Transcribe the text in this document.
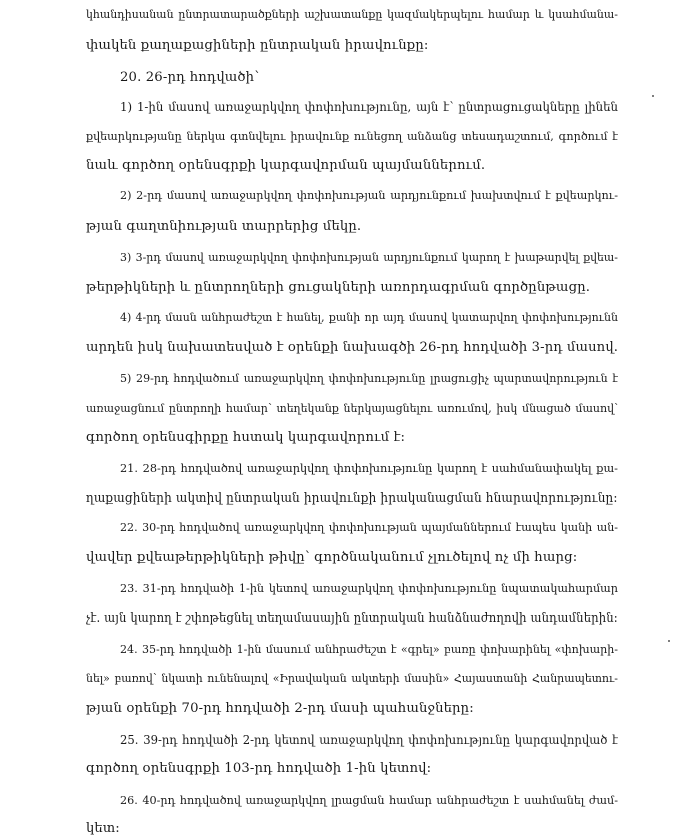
կհանդիսանան ընտրատարածքների աշխատանքը կազմակերպելու համար և կսահմանա-
փակեն քաղաքացիների ընտրական իրավունքը:
20. 26-րդ հոդվածի՝
1) 1-ին մասով առաջարկվող փոփոխությունը, այն է՝ ընտրացուցակները լինեն
քվեարկությանը ներկա գտնվելու իրավունք ունեցող անձանց տեսադաշտում, գործում է
նաև գործող օրենսգրքի կարգավորման պայմաններում.
2) 2-րդ մասով առաջարկվող փոփոխության արդյունքում խախտվում է քվեարկու-
թյան գաղտնիության տարրերից մեկը.
3) 3-րդ մասով առաջարկվող փոփոխության արդյունքում կարող է խաթարվել քվեա-
թերթիկների և ընտրողների ցուցակների առորդագրման գործընթացը.
4) 4-րդ մասն անհրաժեշտ է հանել, քանի որ այդ մասով կատարվող փոփոխությունն
արդեն իսկ նախատեսված է օրենքի նախագծի 26-րդ հոդվածի 3-րդ մասով.
5) 29-րդ հոդվածում առաջարկվող փոփոխությունը լրացուցիչ պարտավորություն է
առաջացնում ընտրողի համար՝ տեղեկանք ներկայացնելու առումով, իսկ մնացած մասով՝
գործող օրենսգիրքը հստակ կարգավորում է:
21. 28-րդ հոդվածով առաջարկվող փոփոխությունը կարող է սահմանափակել քա-
ղաքացիների ակտիվ ընտրական իրավունքի իրականացման հնարավորությունը:
22. 30-րդ հոդվածով առաջարկվող փոփոխության պայմաններում էապես կանի ան-
վավեր քվեաթերթիկների թիվը՝ գործնականում չլուծելով ոչ մի հարց:
23. 31-րդ հոդվածի 1-ին կետով առաջարկվող փոփոխությունը նպատակահարմար
չէ. այն կարող է շփոթեցնել տեղամասային ընտրական հանձնաժողովի անդամներին:
24. 35-րդ հոդվածի 1-ին մասում անհրաժեշտ է «գրել» բառը փոխարինել «փոխարի-
նել» բառով՝ նկատի ունենալով «Իրավական ակտերի մասին» Հայաստանի Հանրապետու-
թյան օրենքի 70-րդ հոդվածի 2-րդ մասի պահանջները:
25. 39-րդ հոդվածի 2-րդ կետով առաջարկվող փոփոխությունը կարգավորված է
գործող օրենսգրքի 103-րդ հոդվածի 1-ին կետով:
26. 40-րդ հոդվածով առաջարկվող լրացման համար անհրաժեշտ է սահմանել ժամ-
կետ:
